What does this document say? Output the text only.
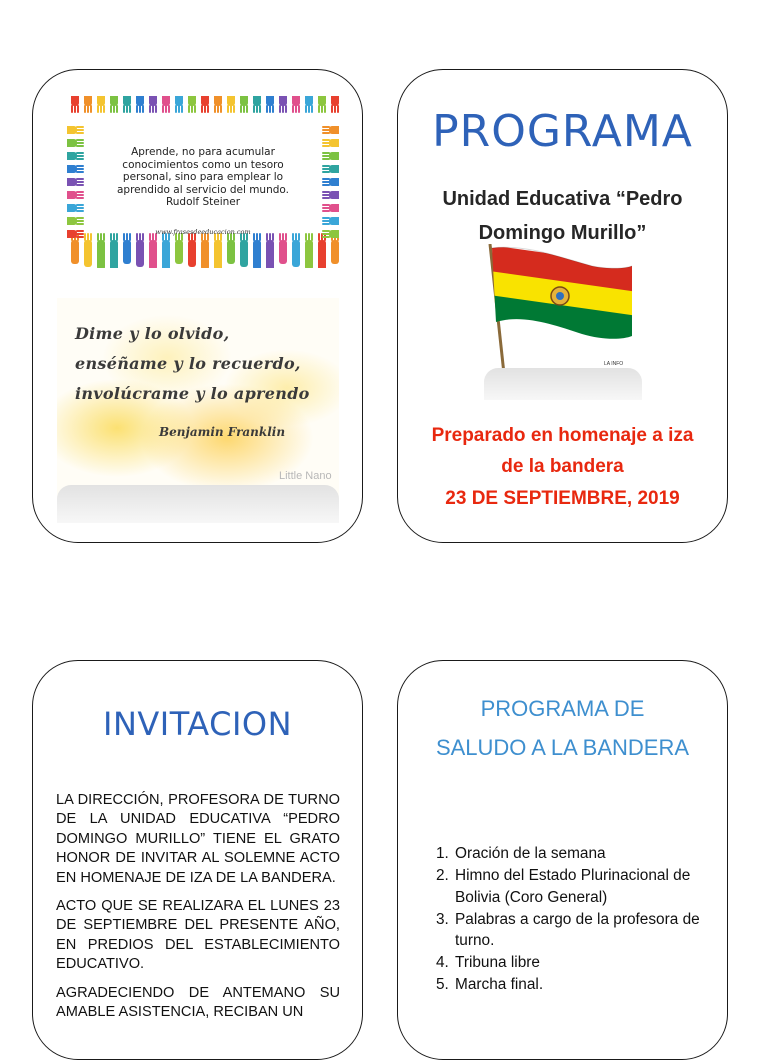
Aprende, no para acumular
conocimientos como un tesoro
personal, sino para emplear lo
aprendido al servicio del mundo.
Rudolf Steiner
www.frasesdeeducacion.com
Dime y lo olvido,
enséñame y lo recuerdo,
involúcrame y lo aprendo
Benjamin Franklin
Little Nano
PROGRAMA
Unidad Educativa “Pedro
Domingo Murillo”
LA INFO
Preparado en homenaje a iza
de la bandera
23 DE SEPTIEMBRE, 2019
INVITACION

LA DIRECCIÓN, PROFESORA DE TURNO DE LA UNIDAD EDUCATIVA “PEDRO DOMINGO MURILLO” TIENE EL GRATO HONOR DE INVITAR AL SOLEMNE ACTO EN HOMENAJE DE IZA DE LA BANDERA.

ACTO QUE SE REALIZARA EL LUNES 23 DE SEPTIEMBRE DEL PRESENTE AÑO, EN PREDIOS DEL ESTABLECIMIENTO EDUCATIVO.

AGRADECIENDO DE ANTEMANO SU AMABLE ASISTENCIA, RECIBAN UN

PROGRAMA DE
SALUDO A LA BANDERA
1. Oración de la semana
2. Himno del Estado Plurinacional de Bolivia (Coro General)
3. Palabras a cargo de la profesora de turno.
4. Tribuna libre
5. Marcha final.
